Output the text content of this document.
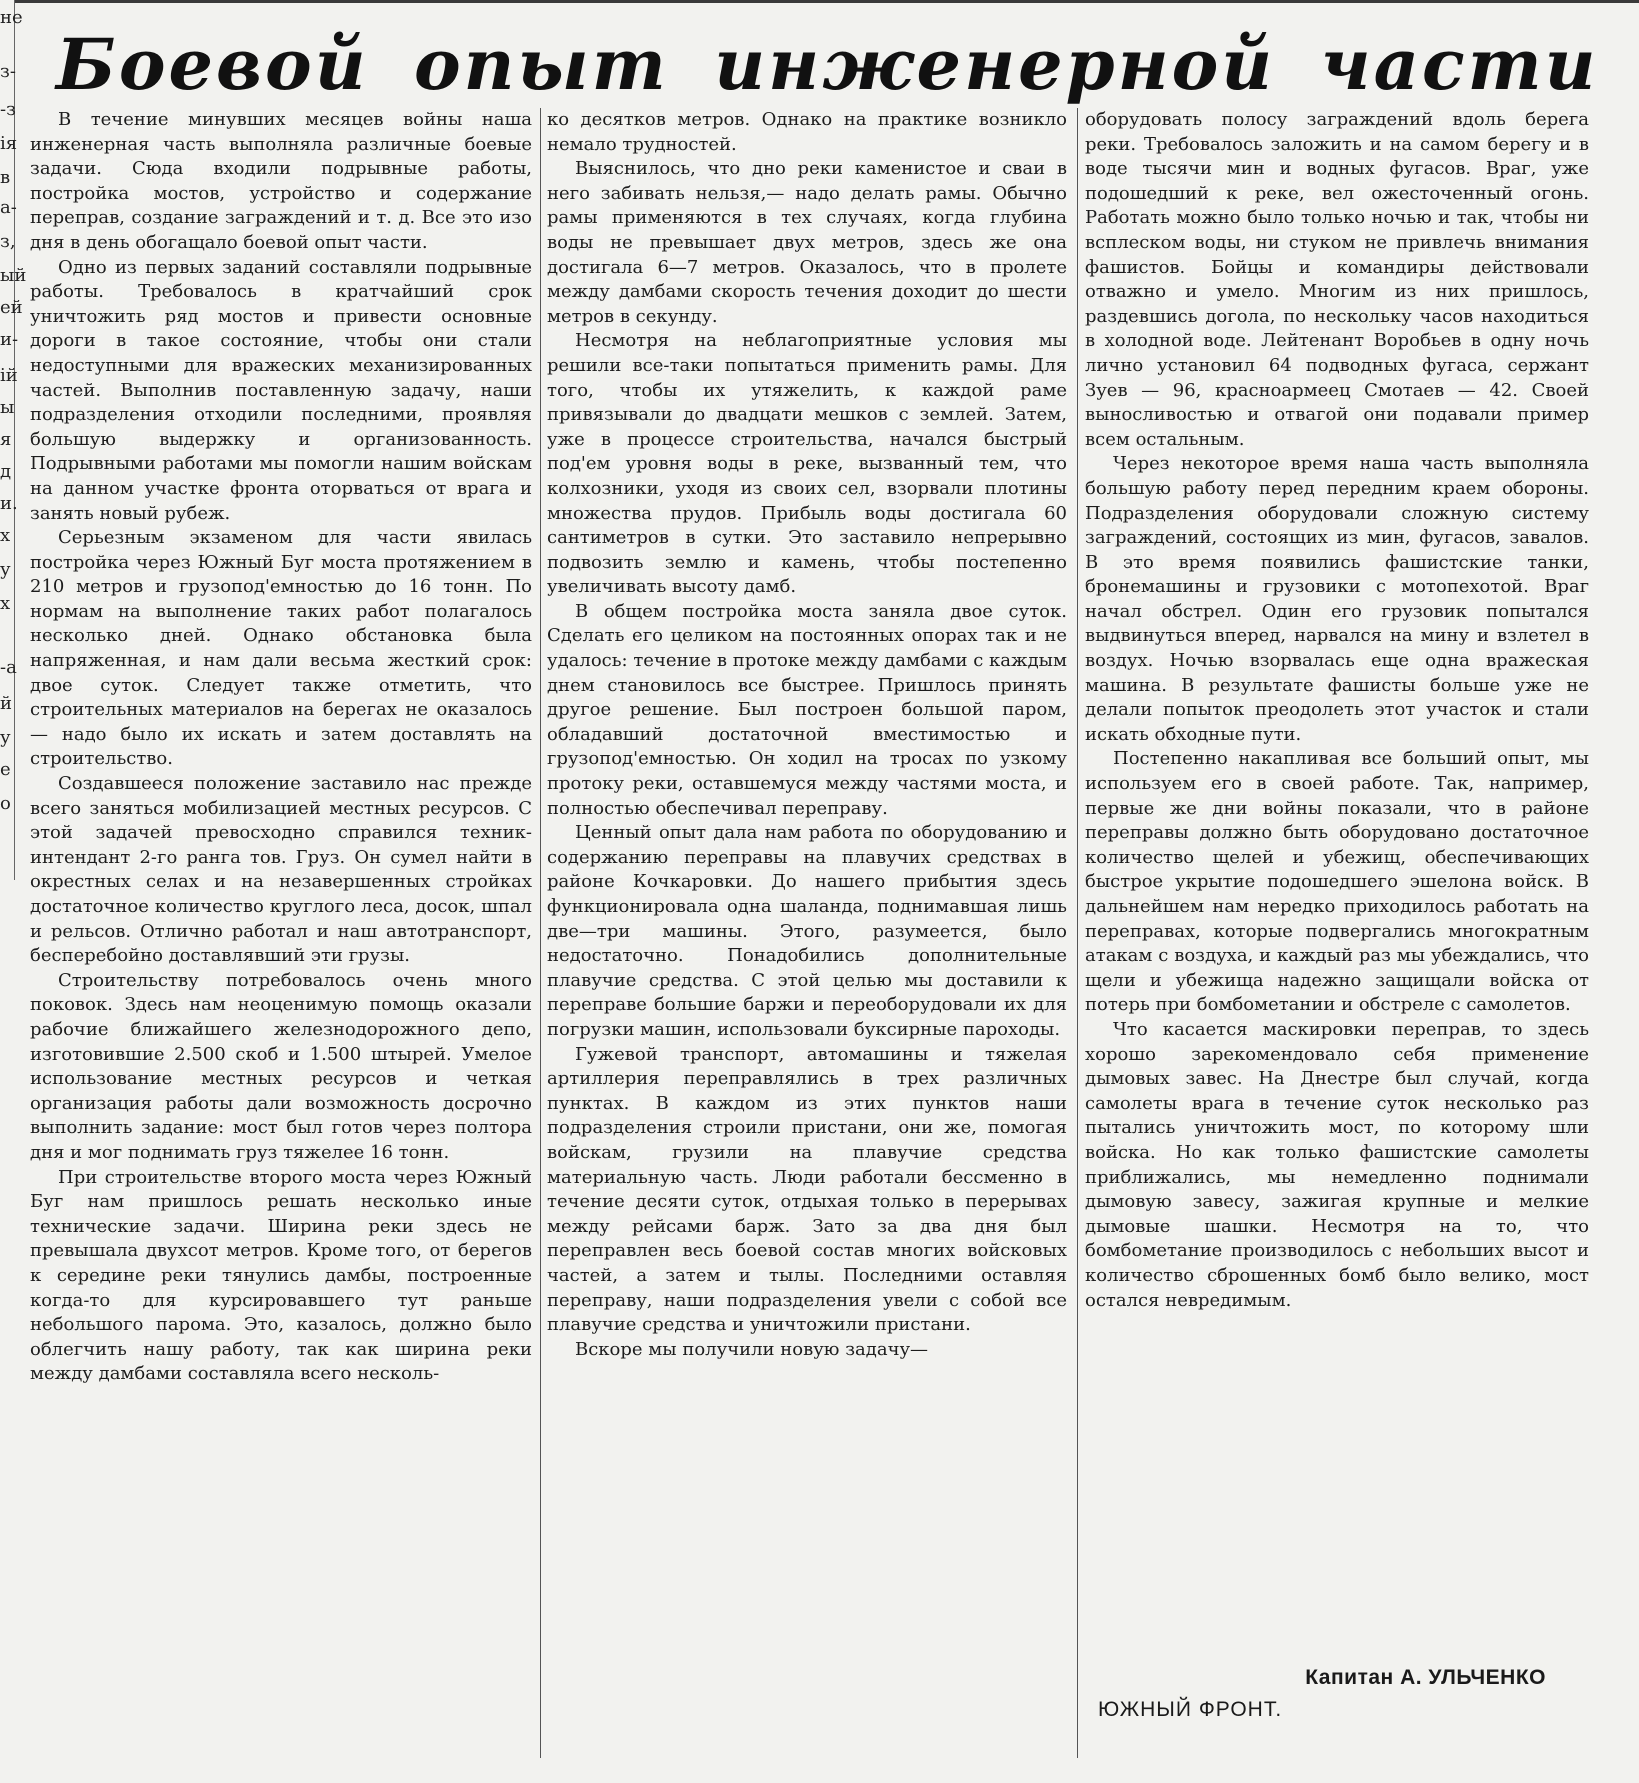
не
з-
-з
ія
в
а-
з,
ый
ей
и-
ій
ы
я
д
и.
х
у
х
-а
й
у
е
о
Боевой опыт инженерной части

В течение минувших месяцев войны наша инженерная часть выполняла различные боевые задачи. Сюда входили подрывные работы, постройка мостов, устройство и содержание переправ, создание заграждений и т. д. Все это изо дня в день обогащало боевой опыт части.

Одно из первых заданий составляли подрывные работы. Требовалось в кратчайший срок уничтожить ряд мостов и привести основные дороги в такое состояние, чтобы они стали недоступными для вражеских механизированных частей. Выполнив поставленную задачу, наши подразделения отходили последними, проявляя большую выдержку и организованность. Подрывными работами мы помогли нашим войскам на данном участке фронта оторваться от врага и занять новый рубеж.

Серьезным экзаменом для части явилась постройка через Южный Буг моста протяжением в 210 метров и грузопод'емностью до 16 тонн. По нормам на выполнение таких работ полагалось несколько дней. Однако обстановка была напряженная, и нам дали весьма жесткий срок: двое суток. Следует также отметить, что строительных материалов на берегах не оказалось — надо было их искать и затем доставлять на строительство.

Создавшееся положение заставило нас прежде всего заняться мобилизацией местных ресурсов. С этой задачей превосходно справился техник-интендант 2-го ранга тов. Груз. Он сумел найти в окрестных селах и на незавершенных стройках достаточное количество круглого леса, досок, шпал и рельсов. Отлично работал и наш автотранспорт, бесперебойно доставлявший эти грузы.

Строительству потребовалось очень много поковок. Здесь нам неоценимую помощь оказали рабочие ближайшего железнодорожного депо, изготовившие 2.500 скоб и 1.500 штырей. Умелое использование местных ресурсов и четкая организация работы дали возможность досрочно выполнить задание: мост был готов через полтора дня и мог поднимать груз тяжелее 16 тонн.

При строительстве второго моста через Южный Буг нам пришлось решать несколько иные технические задачи. Ширина реки здесь не превышала двухсот метров. Кроме того, от берегов к середине реки тянулись дамбы, построенные когда-то для курсировавшего тут раньше небольшого парома. Это, казалось, должно было облегчить нашу работу, так как ширина реки между дамбами составляла всего несколь-

ко десятков метров. Однако на практике возникло немало трудностей.

Выяснилось, что дно реки каменистое и сваи в него забивать нельзя,— надо делать рамы. Обычно рамы применяются в тех случаях, когда глубина воды не превышает двух метров, здесь же она достигала 6—7 метров. Оказалось, что в пролете между дамбами скорость течения доходит до шести метров в секунду.

Несмотря на неблагоприятные условия мы решили все-таки попытаться применить рамы. Для того, чтобы их утяжелить, к каждой раме привязывали до двадцати мешков с землей. Затем, уже в процессе строительства, начался быстрый под'ем уровня воды в реке, вызванный тем, что колхозники, уходя из своих сел, взорвали плотины множества прудов. Прибыль воды достигала 60 сантиметров в сутки. Это заставило непрерывно подвозить землю и камень, чтобы постепенно увеличивать высоту дамб.

В общем постройка моста заняла двое суток. Сделать его целиком на постоянных опорах так и не удалось: течение в протоке между дамбами с каждым днем становилось все быстрее. Пришлось принять другое решение. Был построен большой паром, обладавший достаточной вместимостью и грузопод'емностью. Он ходил на тросах по узкому протоку реки, оставшемуся между частями моста, и полностью обеспечивал переправу.

Ценный опыт дала нам работа по оборудованию и содержанию переправы на плавучих средствах в районе Кочкаровки. До нашего прибытия здесь функционировала одна шаланда, поднимавшая лишь две—три машины. Этого, разумеется, было недостаточно. Понадобились дополнительные плавучие средства. С этой целью мы доставили к переправе большие баржи и переоборудовали их для погрузки машин, использовали буксирные пароходы.

Гужевой транспорт, автомашины и тяжелая артиллерия переправлялись в трех различных пунктах. В каждом из этих пунктов наши подразделения строили пристани, они же, помогая войскам, грузили на плавучие средства материальную часть. Люди работали бессменно в течение десяти суток, отдыхая только в перерывах между рейсами барж. Зато за два дня был переправлен весь боевой состав многих войсковых частей, а затем и тылы. Последними оставляя переправу, наши подразделения увели с собой все плавучие средства и уничтожили пристани.

Вскоре мы получили новую задачу—

оборудовать полосу заграждений вдоль берега реки. Требовалось заложить и на самом берегу и в воде тысячи мин и водных фугасов. Враг, уже подошедший к реке, вел ожесточенный огонь. Работать можно было только ночью и так, чтобы ни всплеском воды, ни стуком не привлечь внимания фашистов. Бойцы и командиры действовали отважно и умело. Многим из них пришлось, раздевшись догола, по нескольку часов находиться в холодной воде. Лейтенант Воробьев в одну ночь лично установил 64 подводных фугаса, сержант Зуев — 96, красноармеец Смотаев — 42. Своей выносливостью и отвагой они подавали пример всем остальным.

Через некоторое время наша часть выполняла большую работу перед передним краем обороны. Подразделения оборудовали сложную систему заграждений, состоящих из мин, фугасов, завалов. В это время появились фашистские танки, бронемашины и грузовики с мотопехотой. Враг начал обстрел. Один его грузовик попытался выдвинуться вперед, нарвался на мину и взлетел в воздух. Ночью взорвалась еще одна вражеская машина. В результате фашисты больше уже не делали попыток преодолеть этот участок и стали искать обходные пути.

Постепенно накапливая все больший опыт, мы используем его в своей работе. Так, например, первые же дни войны показали, что в районе переправы должно быть оборудовано достаточное количество щелей и убежищ, обеспечивающих быстрое укрытие подошедшего эшелона войск. В дальнейшем нам нередко приходилось работать на переправах, которые подвергались многократным атакам с воздуха, и каждый раз мы убеждались, что щели и убежища надежно защищали войска от потерь при бомбометании и обстреле с самолетов.

Что касается маскировки переправ, то здесь хорошо зарекомендовало себя применение дымовых завес. На Днестре был случай, когда самолеты врага в течение суток несколько раз пытались уничтожить мост, по которому шли войска. Но как только фашистские самолеты приближались, мы немедленно поднимали дымовую завесу, зажигая крупные и мелкие дымовые шашки. Несмотря на то, что бомбометание производилось с небольших высот и количество сброшенных бомб было велико, мост остался невредимым.

Капитан А. УЛЬЧЕНКО
ЮЖНЫЙ ФРОНТ.
